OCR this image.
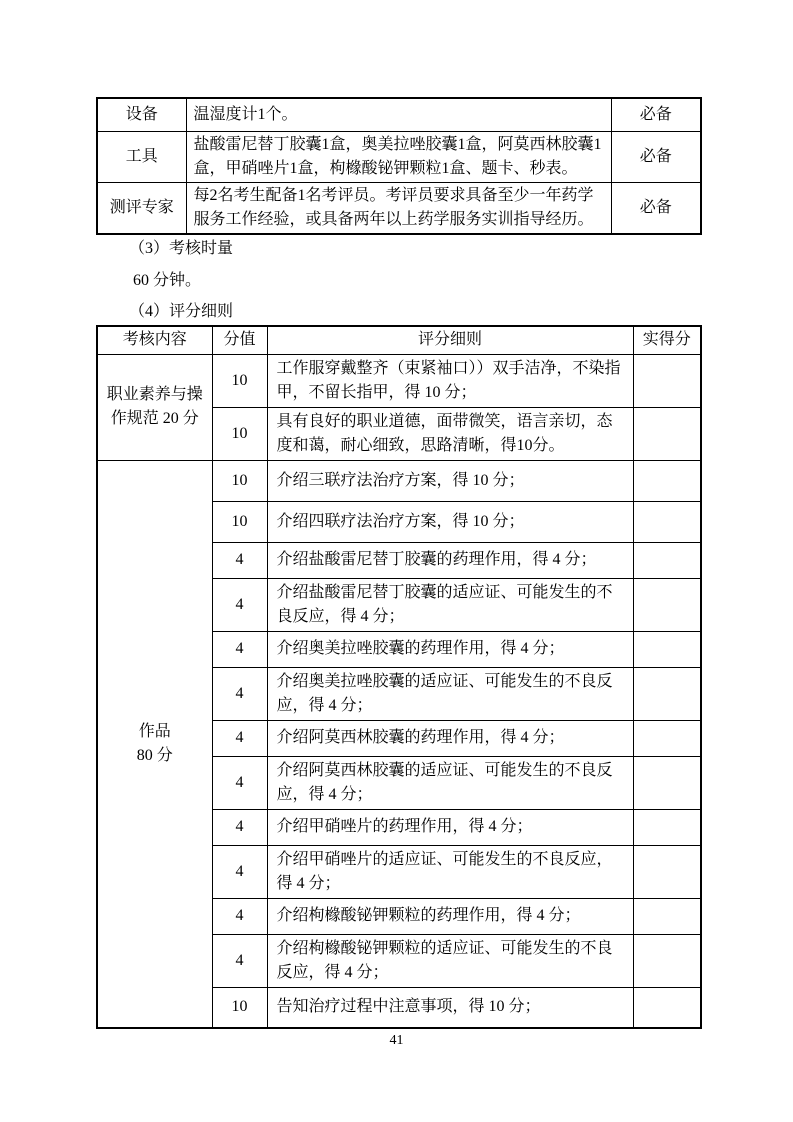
设备	温湿度计1个。	必备
工具	盐酸雷尼替丁胶囊1盒，奥美拉唑胶囊1盒，阿莫西林胶囊1盒，甲硝唑片1盒，枸橼酸铋钾颗粒1盒、题卡、秒表。	必备
测评专家	每2名考生配备1名考评员。考评员要求具备至少一年药学服务工作经验，或具备两年以上药学服务实训指导经历。	必备
（3）考核时量
60 分钟。
（4）评分细则
考核内容	分值	评分细则	实得分
职业素养与操
作规范 20 分	10	工作服穿戴整齐（束紧袖口））双手洁净，不染指甲，不留长指甲，得 10 分；	
	10	具有良好的职业道德，面带微笑，语言亲切，态度和蔼，耐心细致，思路清晰，得10分。	
作品
80 分	10	介绍三联疗法治疗方案，得 10 分；	
	10	介绍四联疗法治疗方案，得 10 分；	
	4	介绍盐酸雷尼替丁胶囊的药理作用，得 4 分；	
	4	介绍盐酸雷尼替丁胶囊的适应证、可能发生的不良反应，得 4 分；	
	4	介绍奥美拉唑胶囊的药理作用，得 4 分；	
	4	介绍奥美拉唑胶囊的适应证、可能发生的不良反应，得 4 分；	
	4	介绍阿莫西林胶囊的药理作用，得 4 分；	
	4	介绍阿莫西林胶囊的适应证、可能发生的不良反应，得 4 分；	
	4	介绍甲硝唑片的药理作用，得 4 分；	
	4	介绍甲硝唑片的适应证、可能发生的不良反应，得 4 分；	
	4	介绍枸橼酸铋钾颗粒的药理作用，得 4 分；	
	4	介绍枸橼酸铋钾颗粒的适应证、可能发生的不良反应，得 4 分；	
	10	告知治疗过程中注意事项，得 10 分；	
41
